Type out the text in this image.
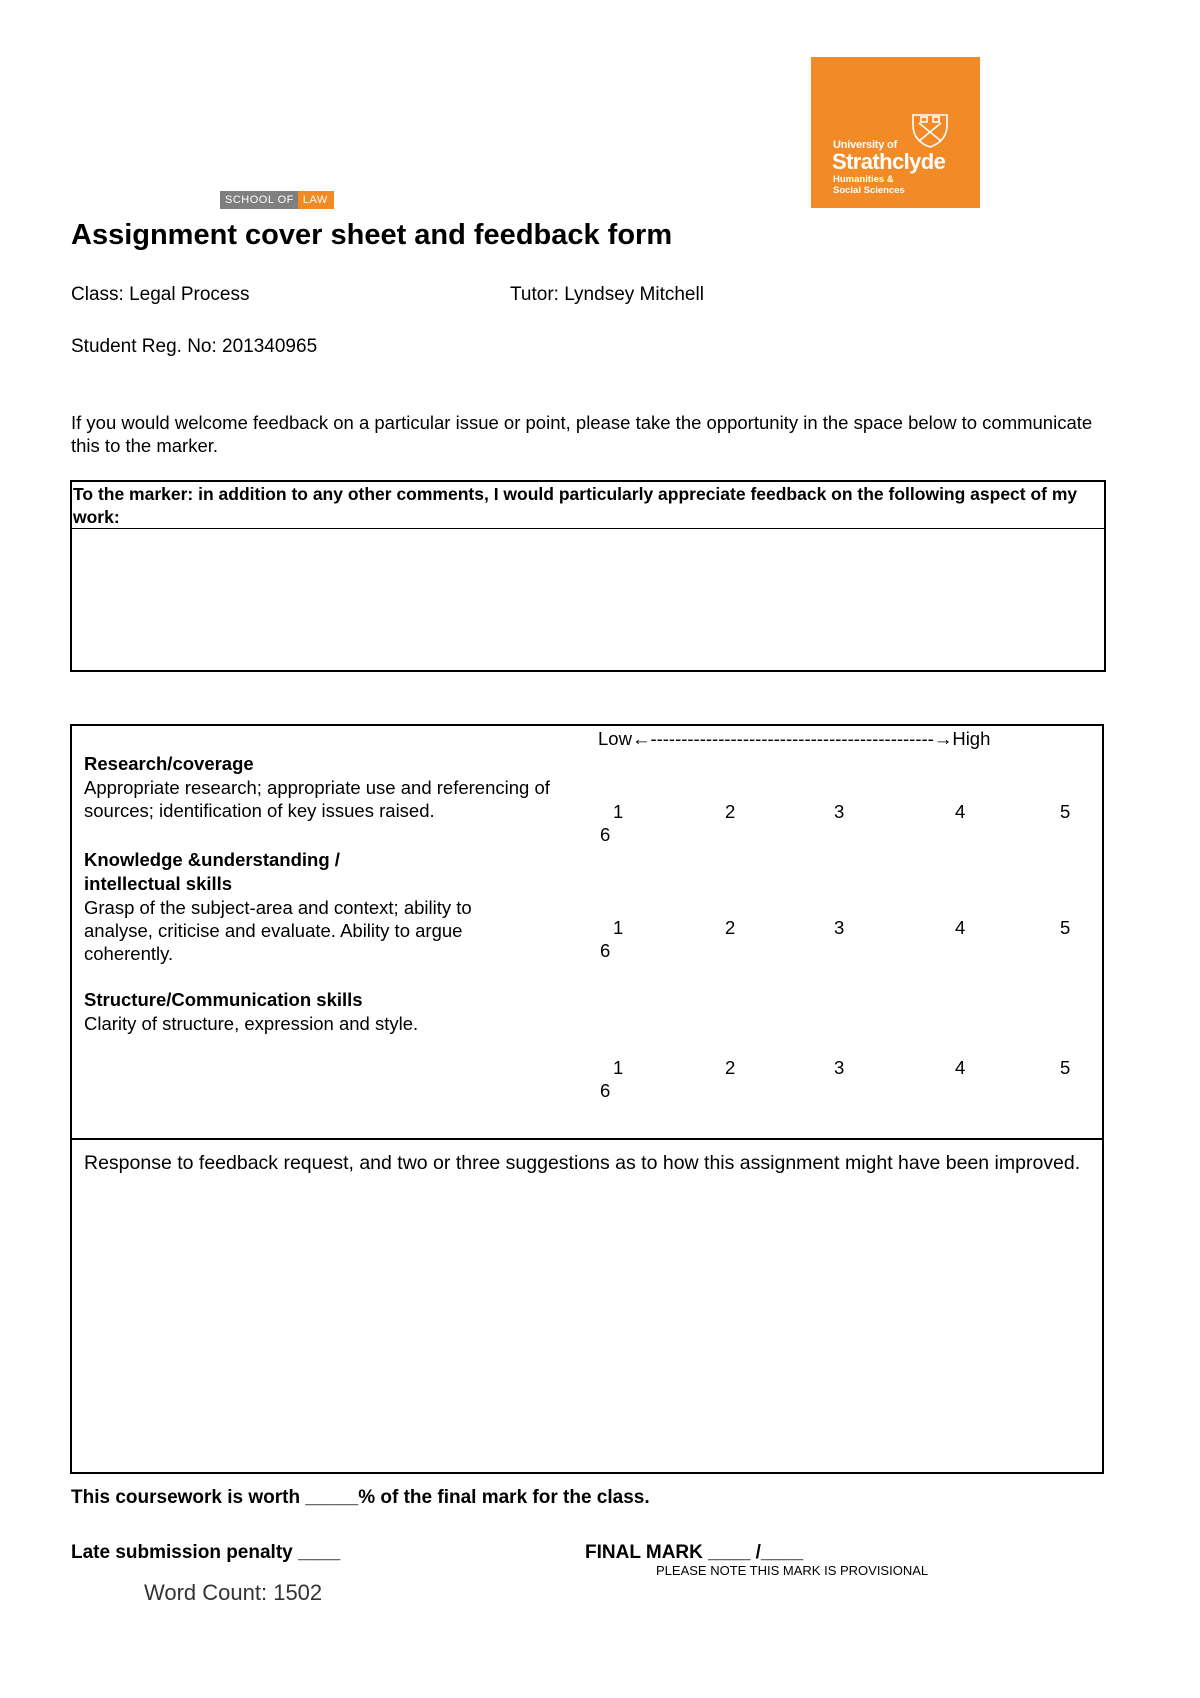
SCHOOL OF LAW
University of
Strathclyde
Humanities &
Social Sciences
Assignment cover sheet and feedback form
Class: Legal Process	Tutor: Lyndsey Mitchell
Student Reg. No: 201340965
If you would welcome feedback on a particular issue or point, please take the opportunity in the space below to communicate this to the marker.
To the marker: in addition to any other comments, I would particularly appreciate feedback on the following aspect of my work:
Low←----------------------------------------------→High
Research/coverage
Appropriate research; appropriate use and referencing of sources; identification of key issues raised.	1	2	3	4	5
6
Knowledge &understanding / intellectual skills
Grasp of the subject-area and context; ability to analyse, criticise and evaluate. Ability to argue coherently.
1	2	3	4	5
6
Structure/Communication skills
Clarity of structure, expression and style.
1	2	3	4	5
6
Response to feedback request, and two or three suggestions as to how this assignment might have been improved.
This coursework is worth _____% of the final mark for the class.
Late submission penalty ____	FINAL MARK ____ /____
PLEASE NOTE THIS MARK IS PROVISIONAL
Word Count: 1502
